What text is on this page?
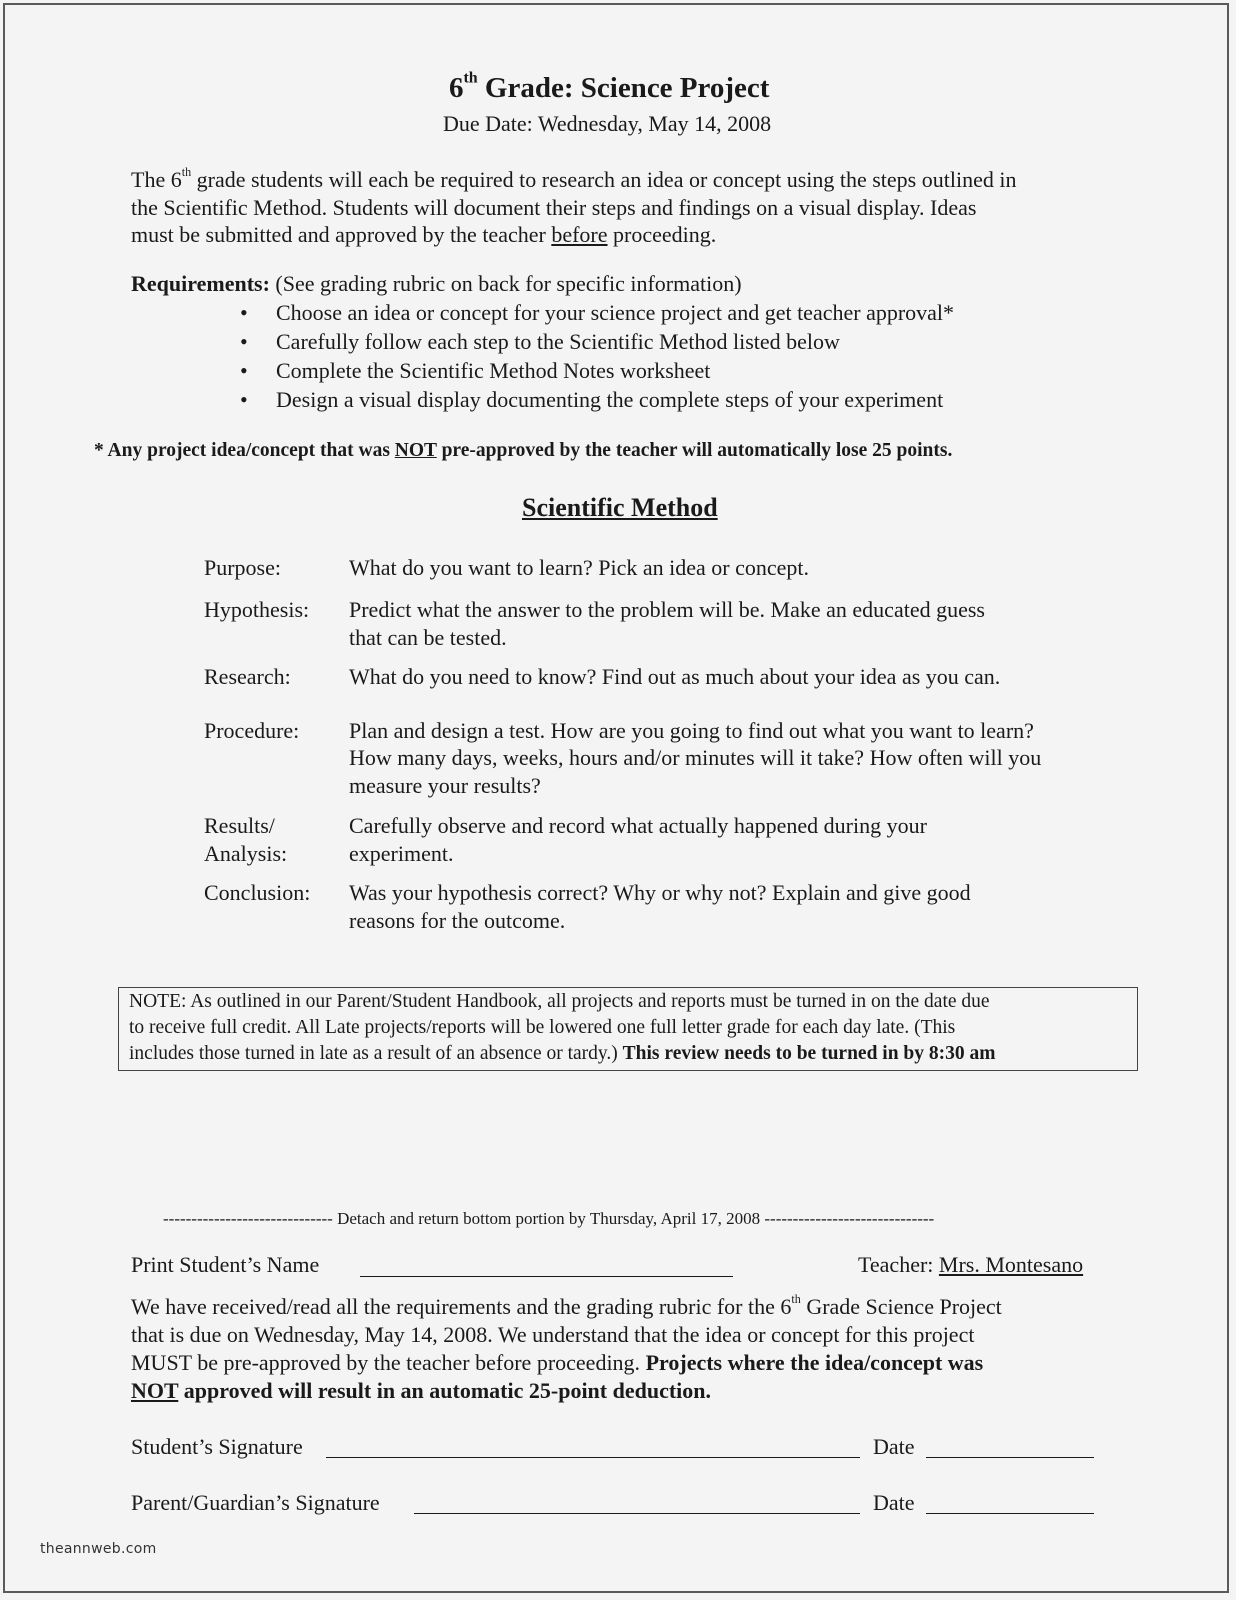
6th Grade: Science Project
Due Date: Wednesday, May 14, 2008
The 6th grade students will each be required to research an idea or concept using the steps outlined in
the Scientific Method. Students will document their steps and findings on a visual display. Ideas
must be submitted and approved by the teacher before proceeding.
Requirements: (See grading rubric on back for specific information)
• Choose an idea or concept for your science project and get teacher approval*
• Carefully follow each step to the Scientific Method listed below
• Complete the Scientific Method Notes worksheet
• Design a visual display documenting the complete steps of your experiment
* Any project idea/concept that was NOT pre-approved by the teacher will automatically lose 25 points.
Scientific Method
Purpose:	What do you want to learn? Pick an idea or concept.
Hypothesis: Predict what the answer to the problem will be. Make an educated guess
that can be tested.
Research:	What do you need to know? Find out as much about your idea as you can.
Procedure: Plan and design a test. How are you going to find out what you want to learn?
How many days, weeks, hours and/or minutes will it take? How often will you
measure your results?
Results/
Analysis:
Carefully observe and record what actually happened during your
experiment.
Conclusion: Was your hypothesis correct? Why or why not? Explain and give good
reasons for the outcome.
NOTE: As outlined in our Parent/Student Handbook, all projects and reports must be turned in on the date due
to receive full credit. All Late projects/reports will be lowered one full letter grade for each day late. (This
includes those turned in late as a result of an absence or tardy.) This review needs to be turned in by 8:30 am
------------------------------ Detach and return bottom portion by Thursday, April 17, 2008 ------------------------------
Print Student’s Name	Teacher: Mrs. Montesano
We have received/read all the requirements and the grading rubric for the 6th Grade Science Project
that is due on Wednesday, May 14, 2008. We understand that the idea or concept for this project
MUST be pre-approved by the teacher before proceeding. Projects where the idea/concept was
NOT approved will result in an automatic 25-point deduction.
Student’s Signature	Date
Parent/Guardian’s Signature	Date
theannweb.com
